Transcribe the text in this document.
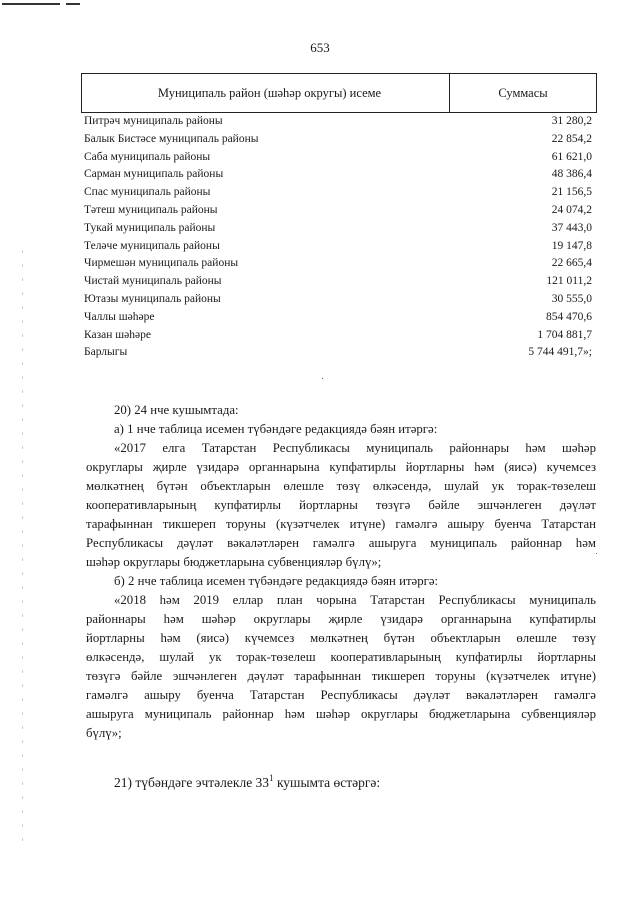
653
Муниципаль район (шәһәр округы) исеме	Суммасы
Питрәч муниципаль районы	31 280,2
Балык Бистәсе муниципаль районы	22 854,2
Саба муниципаль районы	61 621,0
Сарман муниципаль районы	48 386,4
Спас муниципаль районы	21 156,5
Тәтеш муниципаль районы	24 074,2
Тукай муниципаль районы	37 443,0
Теләче муниципаль районы	19 147,8
Чирмешән муниципаль районы	22 665,4
Чистай муниципаль районы	121 011,2
Ютазы муниципаль районы	30 555,0
Чаллы шәһәре	854 470,6
Казан шәһәре	1 704 881,7
Барлыгы	5 744 491,7»;
20) 24 нче кушымтада:
а) 1 нче таблица исемен түбәндәге редакциядә бәян итәргә:
«2017 елга Татарстан Республикасы муниципаль районнары һәм шәһәр
округлары җирле үзидарә органнарына купфатирлы йортларны һәм (яисә) кучемсез
мөлкәтнең бүтән объектларын өлешле төзү өлкәсендә, шулай ук торак-төзелеш
кооперативларының купфатирлы йортларны төзүгә бәйле эшчәнлеген дәүләт
тарафыннан тикшереп торуны (күзәтчелек итүне) гамәлгә ашыру буенча Татарстан
Республикасы дәүләт вәкаләтләрен гамәлгә ашыруга муниципаль районнар һәм
шәһәр округлары бюджетларына субвенцияләр бүлү»;
б) 2 нче таблица исемен түбәндәге редакциядә бәян итәргә:
«2018 һәм 2019 еллар план чорына Татарстан Республикасы муниципаль
районнары һәм шәһәр округлары җирле үзидарә органнарына купфатирлы
йортларны һәм (яисә) күчемсез мөлкәтнең бүтән объектларын өлешле төзү
өлкәсендә, шулай ук торак-төзелеш кооперативларының купфатирлы йортларны
төзүгә бәйле эшчәнлеген дәүләт тарафыннан тикшереп торуны (күзәтчелек итүне)
гамәлгә ашыру буенча Татарстан Республикасы дәүләт вәкаләтләрен гамәлгә
ашыруга муниципаль районнар һәм шәһәр округлары бюджетларына субвенцияләр
бүлү»;
21) түбәндәге эчтәлекле $33^1$ кушымта өстәргә:
